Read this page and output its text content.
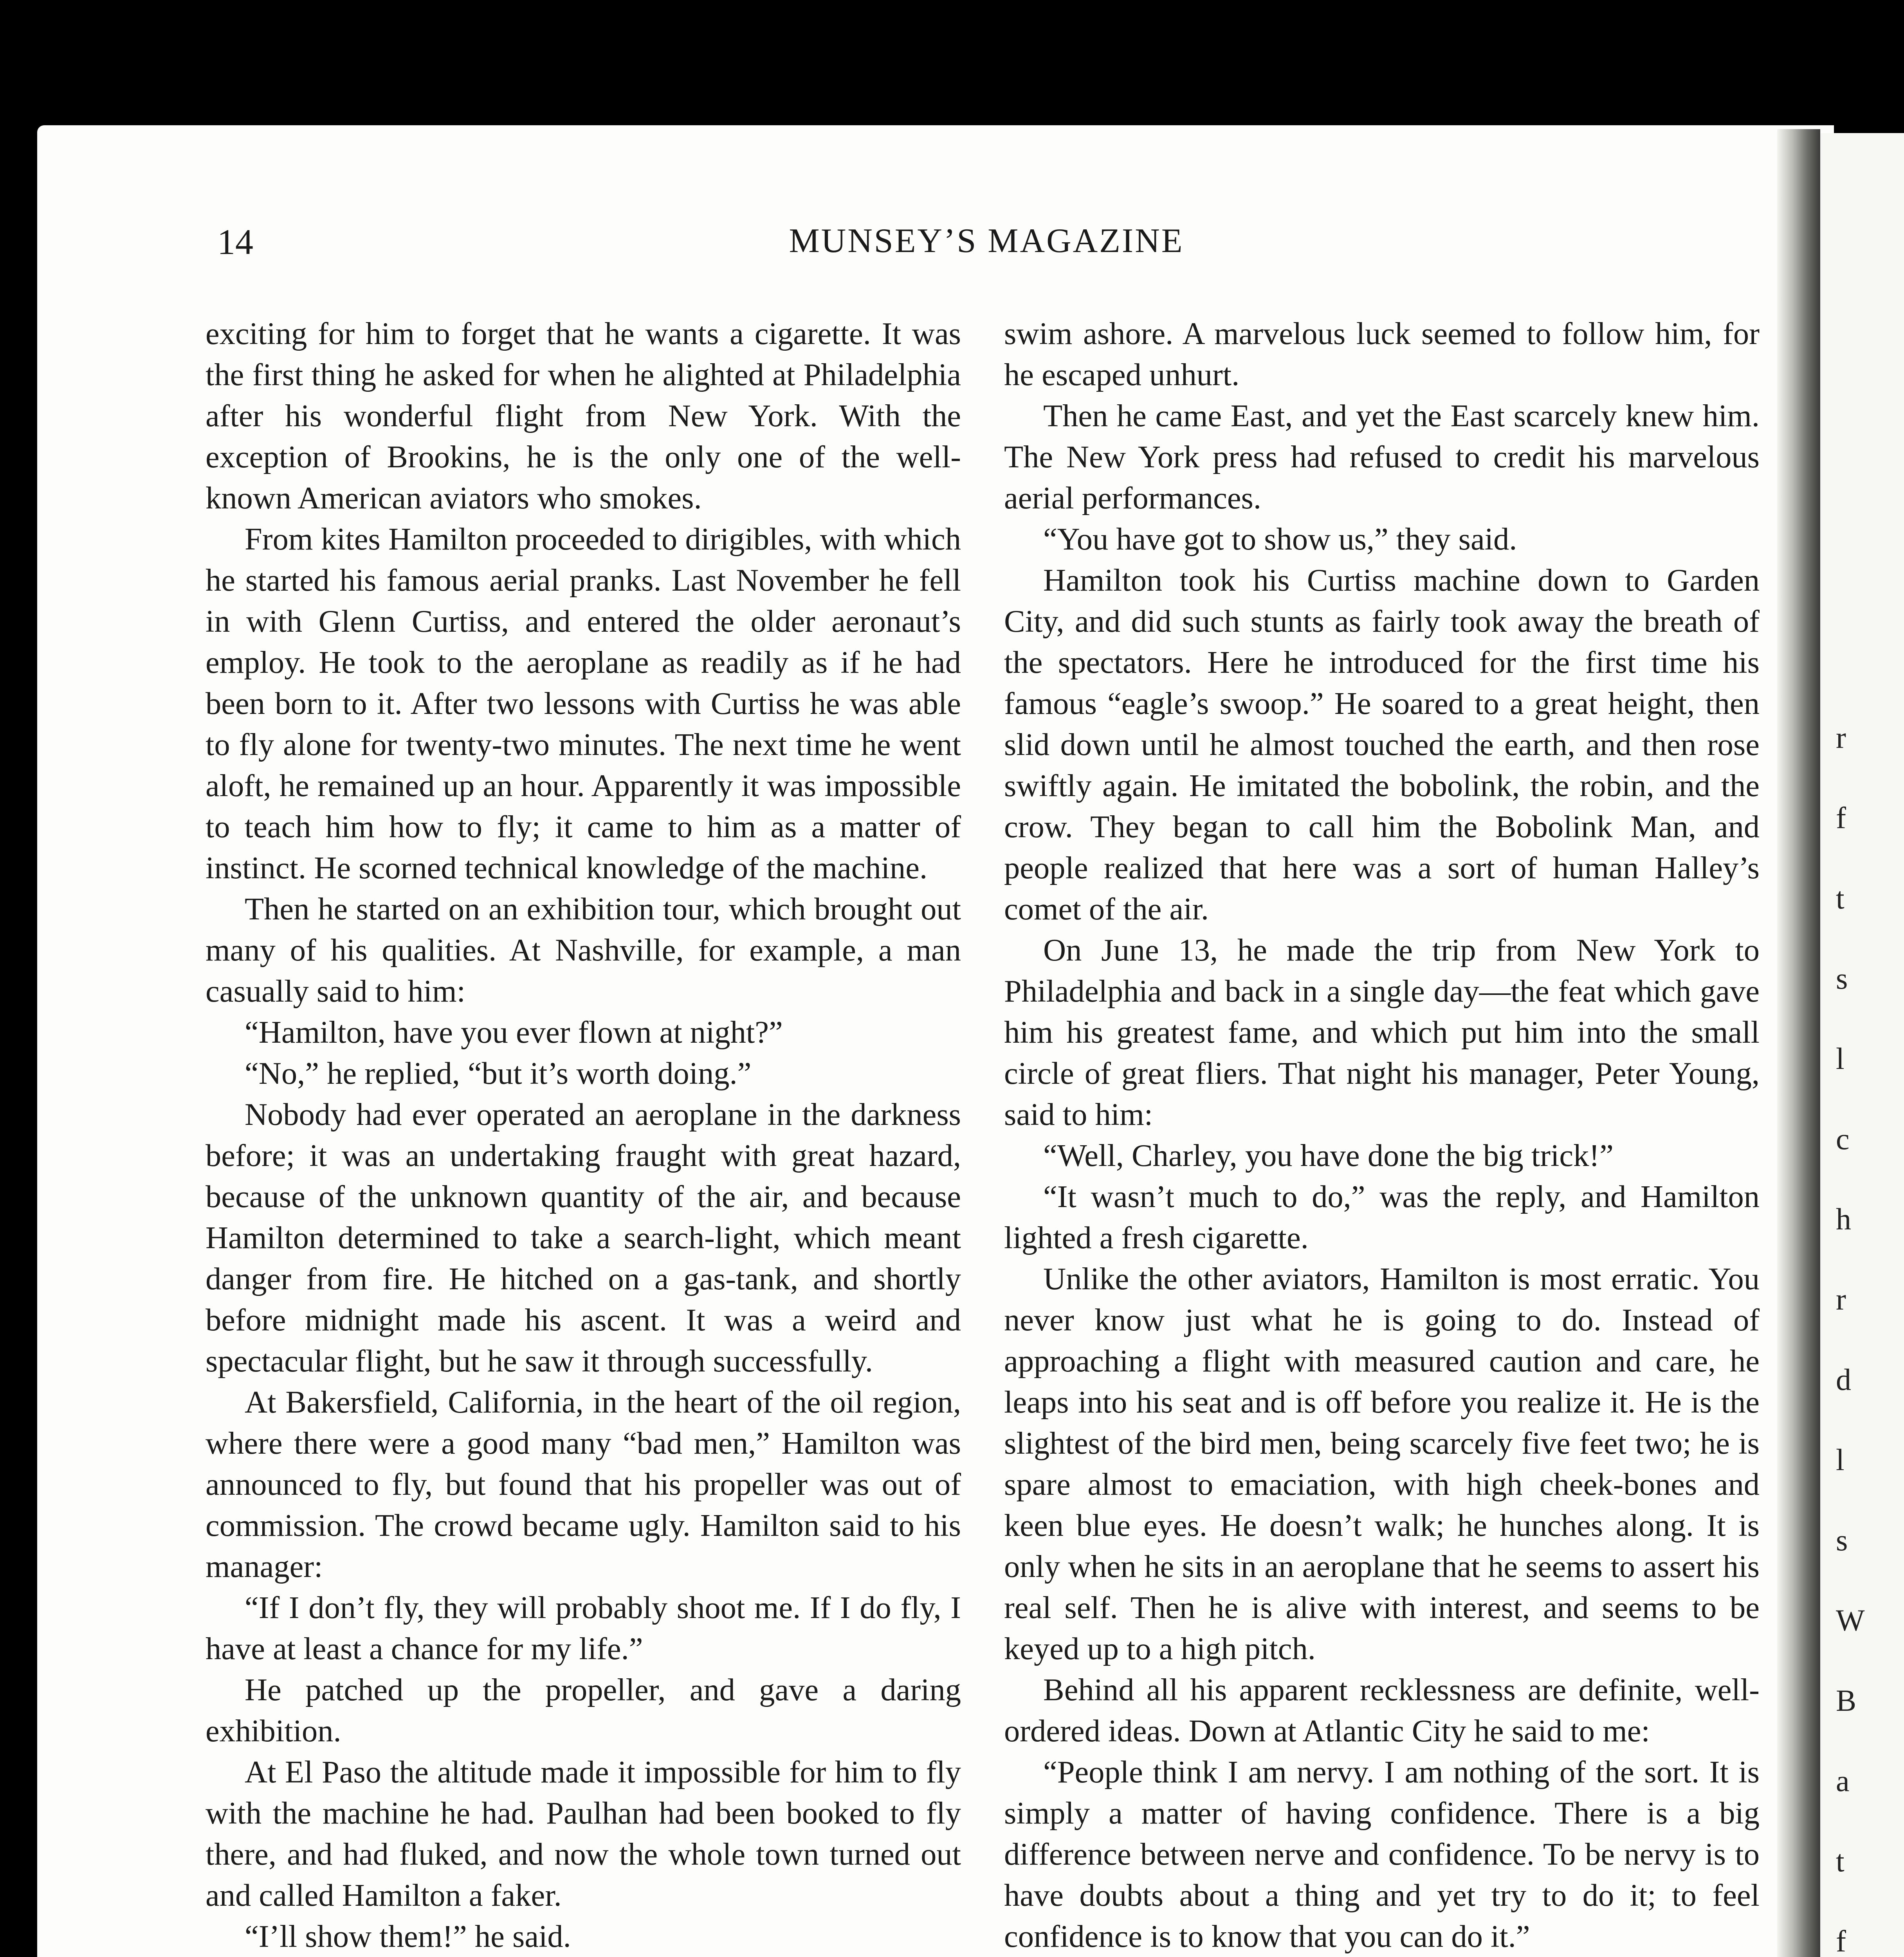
r
f
t
s
l
c
h
r
d
l
s
W
B
a
t
f
14	MUNSEY’S MAGAZINE

exciting for him to forget that he wants a cigarette. It was the first thing he asked for when he alighted at Philadelphia after his wonderful flight from New York. With the exception of Brookins, he is the only one of the well-known American aviators who smokes.

From kites Hamilton proceeded to dirigibles, with which he started his famous aerial pranks. Last November he fell in with Glenn Curtiss, and entered the older aeronaut’s employ. He took to the aeroplane as readily as if he had been born to it. After two lessons with Curtiss he was able to fly alone for twenty-two minutes. The next time he went aloft, he remained up an hour. Apparently it was impossible to teach him how to fly; it came to him as a matter of instinct. He scorned technical knowledge of the machine.

Then he started on an exhibition tour, which brought out many of his qualities. At Nashville, for example, a man casually said to him:

“Hamilton, have you ever flown at night?”

“No,” he replied, “but it’s worth doing.”

Nobody had ever operated an aeroplane in the darkness before; it was an undertaking fraught with great hazard, because of the unknown quantity of the air, and because Hamilton determined to take a search-light, which meant danger from fire. He hitched on a gas-tank, and shortly before midnight made his ascent. It was a weird and spectacular flight, but he saw it through successfully.

At Bakersfield, California, in the heart of the oil region, where there were a good many “bad men,” Hamilton was announced to fly, but found that his propeller was out of commission. The crowd became ugly. Hamilton said to his manager:

“If I don’t fly, they will probably shoot me. If I do fly, I have at least a chance for my life.”

He patched up the propeller, and gave a daring exhibition.

At El Paso the altitude made it impossible for him to fly with the machine he had. Paulhan had been booked to fly there, and had fluked, and now the whole town turned out and called Hamilton a faker.

“I’ll show them!” he said.

swim ashore. A marvelous luck seemed to follow him, for he escaped unhurt.

Then he came East, and yet the East scarcely knew him. The New York press had refused to credit his marvelous aerial performances.

“You have got to show us,” they said.

Hamilton took his Curtiss machine down to Garden City, and did such stunts as fairly took away the breath of the spectators. Here he introduced for the first time his famous “eagle’s swoop.” He soared to a great height, then slid down until he almost touched the earth, and then rose swiftly again. He imitated the bobolink, the robin, and the crow. They began to call him the Bobolink Man, and people realized that here was a sort of human Halley’s comet of the air.

On June 13, he made the trip from New York to Philadelphia and back in a single day—the feat which gave him his greatest fame, and which put him into the small circle of great fliers. That night his manager, Peter Young, said to him:

“Well, Charley, you have done the big trick!”

“It wasn’t much to do,” was the reply, and Hamilton lighted a fresh cigarette.

Unlike the other aviators, Hamilton is most erratic. You never know just what he is going to do. Instead of approaching a flight with measured caution and care, he leaps into his seat and is off before you realize it. He is the slightest of the bird men, being scarcely five feet two; he is spare almost to emaciation, with high cheek-bones and keen blue eyes. He doesn’t walk; he hunches along. It is only when he sits in an aeroplane that he seems to assert his real self. Then he is alive with interest, and seems to be keyed up to a high pitch.

Behind all his apparent recklessness are definite, well-ordered ideas. Down at Atlantic City he said to me:

“People think I am nervy. I am nothing of the sort. It is simply a matter of having confidence. There is a big difference between nerve and confidence. To be nervy is to have doubts about a thing and yet try to do it; to feel confidence is to know that you can do it.”
